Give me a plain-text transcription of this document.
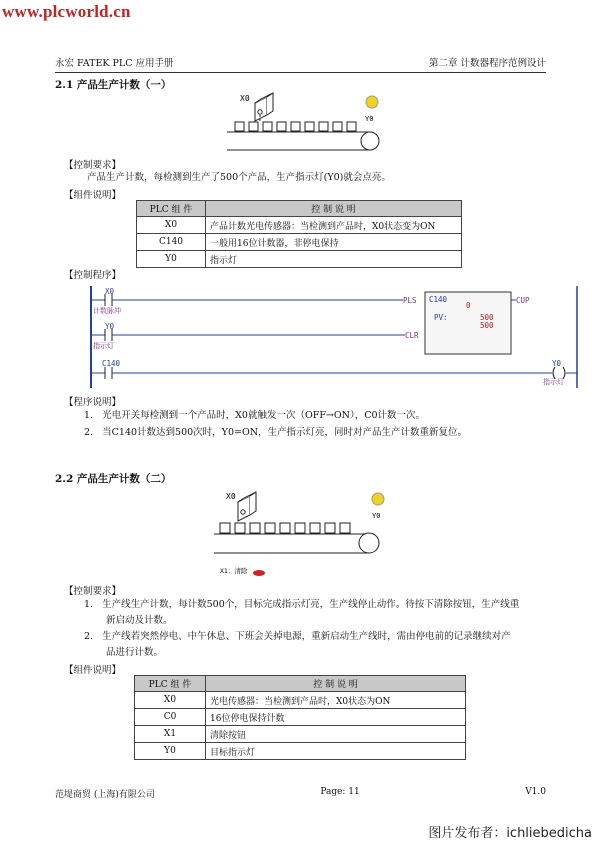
www.plcworld.cn
永宏 FATEK PLC 应用手册	第二章 计数器程序范例设计
2.1 产品生产计数（一）
X0
Y0
【控制要求】
产品生产计数，每检测到生产了500个产品，生产指示灯(Y0)就会点亮。
【组件说明】
PLC 组 件	控 制 说 明
X0	产品计数光电传感器：当检测到产品时，X0状态变为ON
C140	一般用16位计数器，非停电保持
Y0	指示灯
【控制程序】
X0
计数脉冲
PLS
Y0
指示灯
CLR
C140
0
PV:	500
500
CUP
C140	Y0
指示灯
【程序说明】
1. 光电开关每检测到一个产品时，X0就触发一次（OFF→ON），C0计数一次。
2. 当C140计数达到500次时，Y0=ON，生产指示灯亮，同时对产品生产计数重新复位。
2.2 产品生产计数（二）
X0
Y0
X1：清除
【控制要求】
1. 生产线生产计数，每计数500个，目标完成指示灯亮，生产线停止动作。待按下清除按钮，生产线重
新启动及计数。
2. 生产线若突然停电、中午休息、下班会关掉电源，重新启动生产线时，需由停电前的记录继续对产
品进行计数。
【组件说明】
PLC 组 件	控 制 说 明
X0	光电传感器：当检测到产品时，X0状态为ON
C0	16位停电保持计数
X1	清除按钮
Y0	目标指示灯
范堤商贸 (上海)有限公司	Page: 11	V1.0
图片发布者：ichliebedicha
